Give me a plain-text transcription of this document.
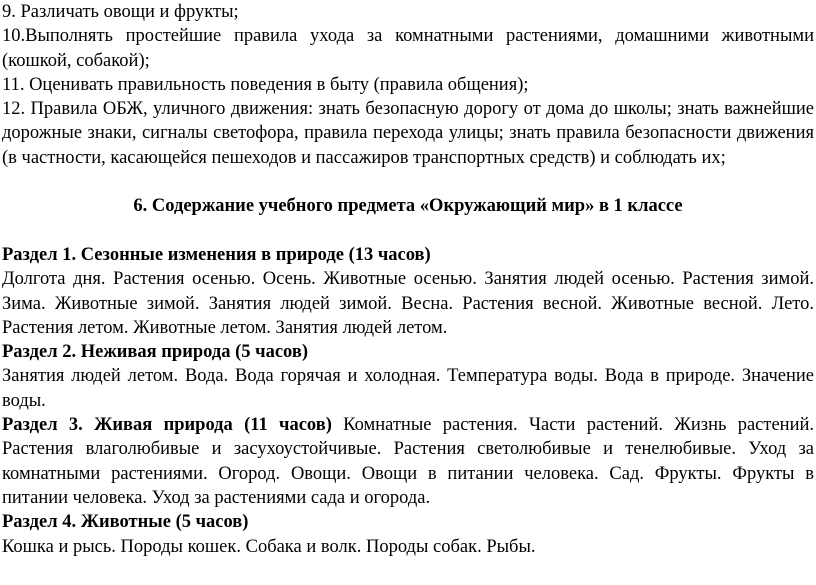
9. Различать овощи и фрукты;

10.Выполнять простейшие правила ухода за комнатными растениями, домашними животными (кошкой, собакой);

11. Оценивать правильность поведения в быту (правила общения);

12. Правила ОБЖ, уличного движения: знать безопасную дорогу от дома до школы; знать важнейшие дорожные знаки, сигналы светофора, правила перехода улицы; знать правила безопасности движения (в частности, касающейся пешеходов и пассажиров транспортных средств) и соблюдать их;

6. Содержание учебного предмета «Окружающий мир» в 1 классе

Раздел 1. Сезонные изменения в природе (13 часов)

Долгота дня. Растения осенью. Осень. Животные осенью. Занятия людей осенью. Растения зимой. Зима. Животные зимой. Занятия людей зимой. Весна. Растения весной. Животные весной. Лето. Растения летом. Животные летом. Занятия людей летом.

Раздел 2. Неживая природа (5 часов)

Занятия людей летом. Вода. Вода горячая и холодная. Температура воды. Вода в природе. Значение воды.

Раздел 3. Живая природа (11 часов) Комнатные растения. Части растений. Жизнь растений. Растения влаголюбивые и засухоустойчивые. Растения светолюбивые и тенелюбивые. Уход за комнатными растениями. Огород. Овощи. Овощи в питании человека. Сад. Фрукты. Фрукты в питании человека. Уход за растениями сада и огорода.

Раздел 4. Животные (5 часов)

Кошка и рысь. Породы кошек. Собака и волк. Породы собак. Рыбы.
